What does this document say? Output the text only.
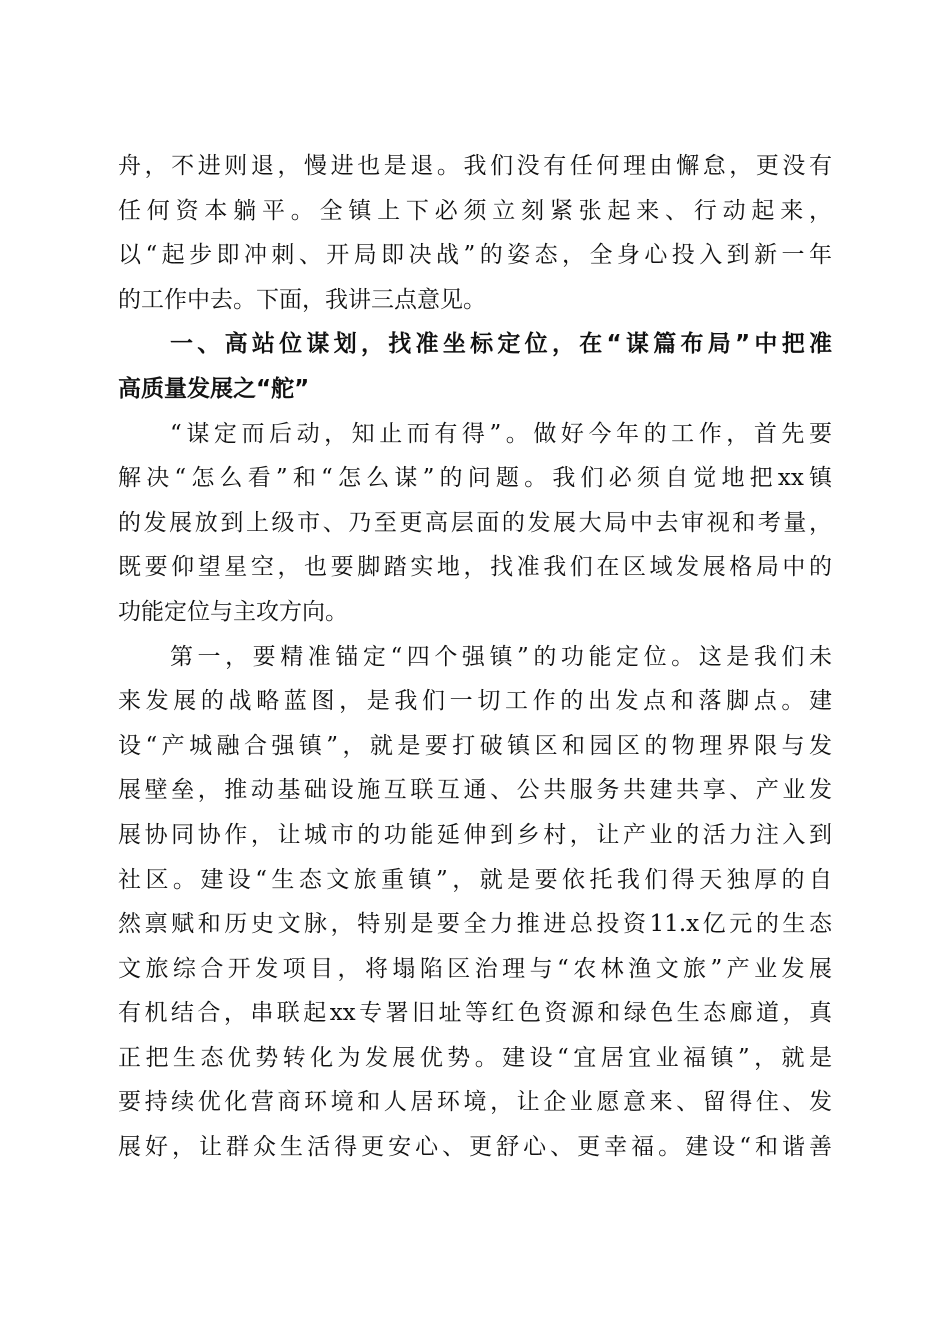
舟，不进则退，慢进也是退。我们没有任何理由懈怠，更没有
任何资本躺平。全镇上下必须立刻紧张起来、行动起来，
以“起步即冲刺、开局即决战”的姿态，全身心投入到新一年
的工作中去。下面，我讲三点意见。
一、高站位谋划，找准坐标定位，在“谋篇布局”中把准
高质量发展之“舵”
“谋定而后动，知止而有得”。做好今年的工作，首先要
解决“怎么看”和“怎么谋”的问题。我们必须自觉地把xx镇
的发展放到上级市、乃至更高层面的发展大局中去审视和考量，
既要仰望星空，也要脚踏实地，找准我们在区域发展格局中的
功能定位与主攻方向。
第一，要精准锚定“四个强镇”的功能定位。这是我们未
来发展的战略蓝图，是我们一切工作的出发点和落脚点。建
设“产城融合强镇”，就是要打破镇区和园区的物理界限与发
展壁垒，推动基础设施互联互通、公共服务共建共享、产业发
展协同协作，让城市的功能延伸到乡村，让产业的活力注入到
社区。建设“生态文旅重镇”，就是要依托我们得天独厚的自
然禀赋和历史文脉，特别是要全力推进总投资11.x亿元的生态
文旅综合开发项目，将塌陷区治理与“农林渔文旅”产业发展
有机结合，串联起xx专署旧址等红色资源和绿色生态廊道，真
正把生态优势转化为发展优势。建设“宜居宜业福镇”，就是
要持续优化营商环境和人居环境，让企业愿意来、留得住、发
展好，让群众生活得更安心、更舒心、更幸福。建设“和谐善
